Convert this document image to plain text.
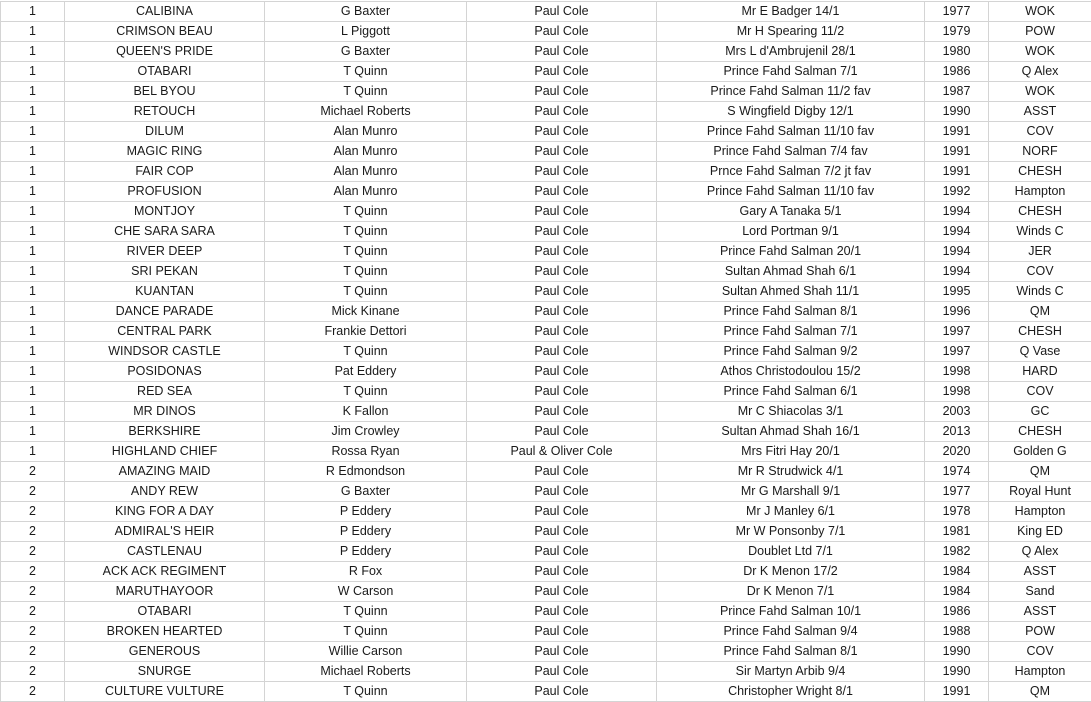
1	CALIBINA	G Baxter	Paul Cole	Mr E Badger 14/1	1977	WOK
1	CRIMSON BEAU	L Piggott	Paul Cole	Mr H Spearing 11/2	1979	POW
1	QUEEN'S PRIDE	G Baxter	Paul Cole	Mrs L d'Ambrujenil 28/1	1980	WOK
1	OTABARI	T Quinn	Paul Cole	Prince Fahd Salman 7/1	1986	Q Alex
1	BEL BYOU	T Quinn	Paul Cole	Prince Fahd Salman 11/2 fav	1987	WOK
1	RETOUCH	Michael Roberts	Paul Cole	S Wingfield Digby 12/1	1990	ASST
1	DILUM	Alan Munro	Paul Cole	Prince Fahd Salman 11/10 fav	1991	COV
1	MAGIC RING	Alan Munro	Paul Cole	Prince Fahd Salman 7/4 fav	1991	NORF
1	FAIR COP	Alan Munro	Paul Cole	Prnce Fahd Salman 7/2 jt fav	1991	CHESH
1	PROFUSION	Alan Munro	Paul Cole	Prince Fahd Salman 11/10 fav	1992	Hampton
1	MONTJOY	T Quinn	Paul Cole	Gary A Tanaka 5/1	1994	CHESH
1	CHE SARA SARA	T Quinn	Paul Cole	Lord Portman 9/1	1994	Winds C
1	RIVER DEEP	T Quinn	Paul Cole	Prince Fahd Salman 20/1	1994	JER
1	SRI PEKAN	T Quinn	Paul Cole	Sultan Ahmad Shah 6/1	1994	COV
1	KUANTAN	T Quinn	Paul Cole	Sultan Ahmed Shah 11/1	1995	Winds C
1	DANCE PARADE	Mick Kinane	Paul Cole	Prince Fahd Salman 8/1	1996	QM
1	CENTRAL PARK	Frankie Dettori	Paul Cole	Prince Fahd Salman 7/1	1997	CHESH
1	WINDSOR CASTLE	T Quinn	Paul Cole	Prince Fahd Salman 9/2	1997	Q Vase
1	POSIDONAS	Pat Eddery	Paul Cole	Athos Christodoulou 15/2	1998	HARD
1	RED SEA	T Quinn	Paul Cole	Prince Fahd Salman 6/1	1998	COV
1	MR DINOS	K Fallon	Paul Cole	Mr C Shiacolas 3/1	2003	GC
1	BERKSHIRE	Jim Crowley	Paul Cole	Sultan Ahmad Shah 16/1	2013	CHESH
1	HIGHLAND CHIEF	Rossa Ryan	Paul & Oliver Cole	Mrs Fitri Hay 20/1	2020	Golden G
2	AMAZING MAID	R Edmondson	Paul Cole	Mr R Strudwick 4/1	1974	QM
2	ANDY REW	G Baxter	Paul Cole	Mr G Marshall 9/1	1977	Royal Hunt
2	KING FOR A DAY	P Eddery	Paul Cole	Mr J Manley 6/1	1978	Hampton
2	ADMIRAL'S HEIR	P Eddery	Paul Cole	Mr W Ponsonby 7/1	1981	King ED
2	CASTLENAU	P Eddery	Paul Cole	Doublet Ltd 7/1	1982	Q Alex
2	ACK ACK REGIMENT	R Fox	Paul Cole	Dr K Menon 17/2	1984	ASST
2	MARUTHAYOOR	W Carson	Paul Cole	Dr K Menon 7/1	1984	Sand
2	OTABARI	T Quinn	Paul Cole	Prince Fahd Salman 10/1	1986	ASST
2	BROKEN HEARTED	T Quinn	Paul Cole	Prince Fahd Salman 9/4	1988	POW
2	GENEROUS	Willie Carson	Paul Cole	Prince Fahd Salman 8/1	1990	COV
2	SNURGE	Michael Roberts	Paul Cole	Sir Martyn Arbib 9/4	1990	Hampton
2	CULTURE VULTURE	T Quinn	Paul Cole	Christopher Wright 8/1	1991	QM
